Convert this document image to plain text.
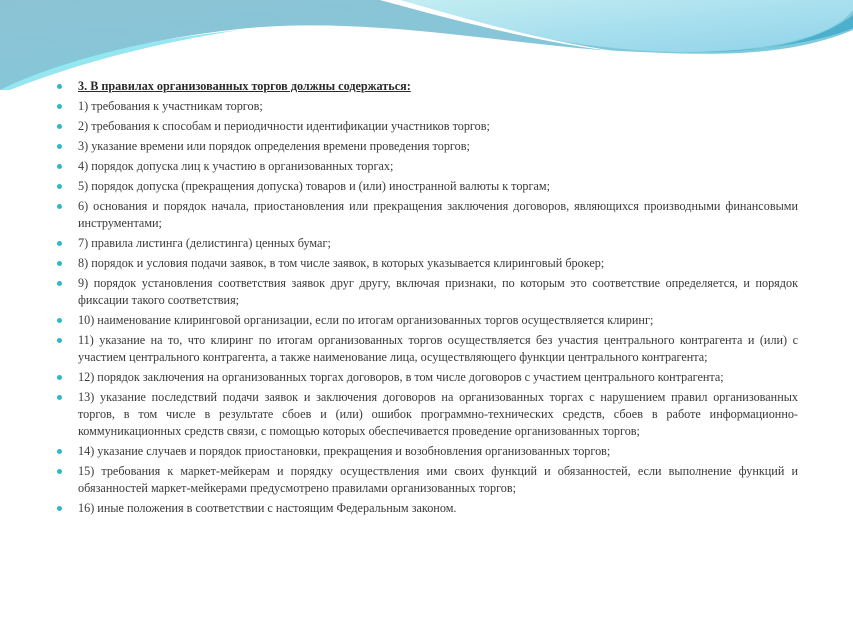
3. В правилах организованных торгов должны содержаться:
1) требования к участникам торгов;
2) требования к способам и периодичности идентификации участников торгов;
3) указание времени или порядок определения времени проведения торгов;
4) порядок допуска лиц к участию в организованных торгах;
5) порядок допуска (прекращения допуска) товаров и (или) иностранной валюты к торгам;
6) основания и порядок начала, приостановления или прекращения заключения договоров, являющихся производными финансовыми инструментами;
7) правила листинга (делистинга) ценных бумаг;
8) порядок и условия подачи заявок, в том числе заявок, в которых указывается клиринговый брокер;
9) порядок установления соответствия заявок друг другу, включая признаки, по которым это соответствие определяется, и порядок фиксации такого соответствия;
10) наименование клиринговой организации, если по итогам организованных торгов осуществляется клиринг;
11) указание на то, что клиринг по итогам организованных торгов осуществляется без участия центрального контрагента и (или) с участием центрального контрагента, а также наименование лица, осуществляющего функции центрального контрагента;
12) порядок заключения на организованных торгах договоров, в том числе договоров с участием центрального контрагента;
13) указание последствий подачи заявок и заключения договоров на организованных торгах с нарушением правил организованных торгов, в том числе в результате сбоев и (или) ошибок программно-технических средств, сбоев в работе информационно-коммуникационных средств связи, с помощью которых обеспечивается проведение организованных торгов;
14) указание случаев и порядок приостановки, прекращения и возобновления организованных торгов;
15) требования к маркет-мейкерам и порядку осуществления ими своих функций и обязанностей, если выполнение функций и обязанностей маркет-мейкерами предусмотрено правилами организованных торгов;
16) иные положения в соответствии с настоящим Федеральным законом.
